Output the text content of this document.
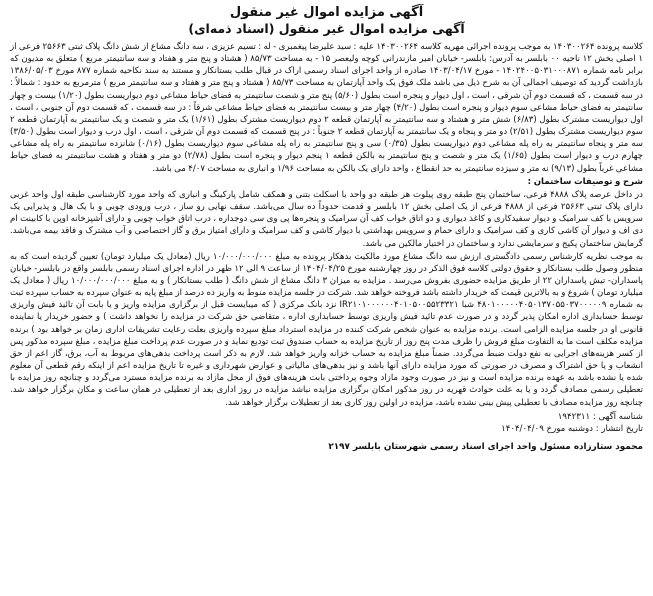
آگهی مزایده اموال غیر منقول

آگهی مزایده اموال غیر منقول (اسناد ذمه‌ای)

کلاسه پرونده ۱۴۰۳۰۰۲۶۴ به موجب پرونده اجرائی مهریه کلاسه ۱۴۰۳۰۰۲۶۴ علیه : سید علیرضا پیغمبری - له : تسیم عزیزی ، سه دانگ مشاع از شش دانگ پلاک ثبتی ۲۵۶۶۳ فرعی از ۱ اصلی بخش ۱۲ ناحیه ۰۰ بابلسر به آدرس: بابلسر- خیابان امیر مازندرانی کوچه ولیعصر ۱۵ - به مساحت ۸۵/۷۳ ( هشتاد و پنج متر و هفتاد و سه سانتیمتر مربع ) متعلق به مدیون که برابر نامه شماره ۱۴۰۲۴۰۰۵۰۳۱۰۰۰۸۷۱ - مورخ ۱۴۰۳/۰۴/۱۷ صادره از واحد اجرای اسناد رسمی اراک در قبال طلب بستانکار و مستند به سند نکاحیه شماره ۸۷۷ مورخ ۱۳۸۶/۰۵/۰۳ بازداشت گردید که توصیف اجمالی آن به شرح ذیل می باشد ملک فوق یک واحد آپارتمان به مساحت ۸۵/۷۳ ( هشتاد و پنج متر و هفتاد و سه سانتیمتر مربع ) مترمربع به حدود : شمالاً : در سه قسمت ، که قسمت دوم آن شرقی ، است ، اول دیوار و پنجره است بطول (۵/۶۰) پنج متر و شصت سانتیمتر به فضای حیاط مشاعی دوم دیواریست بطول (۱/۲۰) بیست و چهار سانتیمتر به فضای حیاط مشاعی سوم دیوار و پنجره است بطول (۴/۲۰) چهار متر و بیست سانتیمتر به فضای حیاط مشاعی شرقاً : در سه قسمت ، که قسمت دوم آن جنوبی ، است ، اول دیواریست مشترک بطول (۶/۸۳) شش متر و هشتاد و سه سانتیمتر به آپارتمان قطعه ۲ دوم دیواریست مشترک بطول (۱/۶۱) یک متر و شصت و یک سانتیمتر به آپارتمان قطعه ۲ سوم دیواریست مشترک بطول (۲/۵۱) دو متر و پنجاه و یک سانتیمتر به آپارتمان قطعه ۲ جنوباً : در پنج قسمت که قسمت دوم آن شرقی ، است ، اول درب و دیوار است بطول (۳/۵۰) سه متر و پنجاه سانتیمتر به راه پله مشاعی دوم دیواریست بطول (۰/۳۵) سی و پنج سانتیمتر به راه پله مشاعی سوم دیواریست بطول (۰/۱۶) شانزده سانتیمتر به راه پله مشاعی چهارم درب و دیوار است بطول (۱/۶۵) یک متر و شصت و پنج سانتیمتر به بالکن قطعه ۱ پنجم دیوار و پنجره است بطول (۲/۷۸) دو متر و هفتاد و هشت سانتیمتر به فضای حیاط مشاعی غرباً بطول (۹/۱۳) نه متر و سیزده سانتیمتر به حد انقطاع ، واحد دارای یک بالکن به مساحت ۱/۹۶ و انباری به مساحت ۴/۰۷ می باشد.
شرح و توصیفات ساختمان :
در داخل عرصه پلاک ۴۸۸۸ فرعی، ساختمان پنج طبقه روی پیلوت هر طبقه دو واحد با اسکلت بتنی و همکف شامل پارکینگ و انباری که واحد مورد کارشناسی طبقه اول واحد غربی دارای پلاک ثبتی ۲۵۶۶۳ فرعی از ۴۸۸۸ فرعی از یک اصلی بخش ۱۲ بابلسر و قدمت حدوداً ده سال می‌باشد. سقف نهایی رو ساز ، درب ورودی چوبی و با یک هال و پذیرایی یک سرویس با کف سرامیک و دیوار سفیدکاری و کاغذ دیواری و دو اتاق خواب کف آن سرامیک و پنجره‌ها پی وی سی دوجداره ، درب اتاق خواب چوبی و دارای آشپزخانه اوپن با کابینت ام دی اف و دیوار آن کاشی کاری و کف سرامیک و دارای حمام و سرویس بهداشتی با دیوار کاشی و کف سرامیک و دارای امتیاز برق و گاز اختصاصی و آب مشترک و فاقد بیمه می‌باشد. گرمایش ساختمان پکیج و سرمایشی ندارد و ساختمان در اختیار مالکین می باشد.
به موجب نظریه کارشناس رسمی دادگستری ارزش سه دانگ مشاع مورد مالکیت بدهکار پرونده به مبلغ ۱۰/۰۰۰/۰۰۰/۰۰۰ ریال (معادل یک میلیارد تومان) تعیین گردیده است که به منظور وصول طلب بستانکار و حقوق دولتی کلاسه فوق الذکر در روز چهارشنبه مورخ ۱۴۰۴/۰۴/۲۵ از ساعت ۹ الی ۱۲ ظهر در اداره اجرای اسناد رسمی بابلسر واقع در بابلسر- خیابان پاسداران- تیش پاسداران ۲۲ از طریق مزایده حضوری بفروش می‌رسد . مزایده به میزان ۳ دانگ مشاع از شش دانگ ( طلب بستانکار ) و به مبلغ ۱۰/۰۰۰/۰۰۰/۰۰۰ ریال ( معادل یک میلیارد تومان ) شروع و به بالاترین قیمت که خریدار داشته باشد فروخته خواهد شد. شرکت در جلسه مزایده منوط به واریز ده درصد از مبلغ پایه به عنوان سپرده به حساب سپرده ثبت به شماره ۴۸۰۱۰۰۰۰۰۴۰۵۰۱۳۷۰۵۵۰۳۷۰۰۰۰۰۹ شبا IR۲۱۰۱۰۰۰۰۰۰۴۰۱۰۵۰۰۵۵۲۳۳۲۱ نزد بانک مرکزی ( که میبایست قبل از برگزاری مزایده واریز و یا بابت آن تائید فیش واریزی توسط حسابداری اداره امکان پذیر گردد و در صورت عدم تائید فیش واریزی توسط حسابداری اداره ، متقاضی حق شرکت در مزایده را نخواهد داشت ) و حضور خریدار یا نماینده قانونی او در جلسه مزایده الزامی است. برنده مزایده به عنوان شخص شرکت کننده در مزایده استرداد مبلغ سپرده واریزی بعلت رعایت تشریفات اداری زمان بر خواهد بود ) برنده مزایده مکلف است ما به التفاوت مبلغ فروش را ظرف مدت پنج روز از تاریخ مزایده به حساب صندوق ثبت تودیع نماید و در صورت عدم پرداخت مبلغ مزایده ، مبلغ سپرده مذکور پس از کسر هزینه‌های اجرایی به نفع دولت ضبط می‌گردد. ضمناً مبلغ مزایده به حساب خزانه واریز خواهد شد. لازم به ذکر است پرداخت بدهی‌های مربوط به آب، برق، گاز اعم از حق انشعاب و یا حق اشتراک و مصرف در صورتی که مورد مزایده دارای آنها باشد و نیز بدهی‌های مالیاتی و عوارض شهرداری و غیره تا تاریخ مزایده اعم از اینکه رقم قطعی آن معلوم شده یا نشده باشد به عهده برنده مزایده است و نیز در صورت وجود مازاد وجوه پرداختی بابت هزینه‌های فوق از محل مازاد به برنده مزایده مسترد می‌گردد و چنانچه روز مزایده با تعطیلی رسمی مصادف گردد و یا به علت حوادث قهریه در روز مذکور امکان برگزاری مزایده نباشد مزایده در روز اداری بعد از تعطیلی در همان ساعت و مکان برگزار خواهد شد. چنانچه روز مزایده مصادف با تعطیلی پیش بینی نشده باشد، مزایده در اولین روز کاری بعد از تعطیلات برگزار خواهد شد.
شناسه آگهی : ۱۹۴۲۳۱۱
تاریخ انتشار : دوشنبه مورخ ۱۴۰۴/۰۴/۰۹
محمود ستارزاده مسئول واحد اجرای اسناد رسمی شهرستان بابلسر ۲۱۹۷
